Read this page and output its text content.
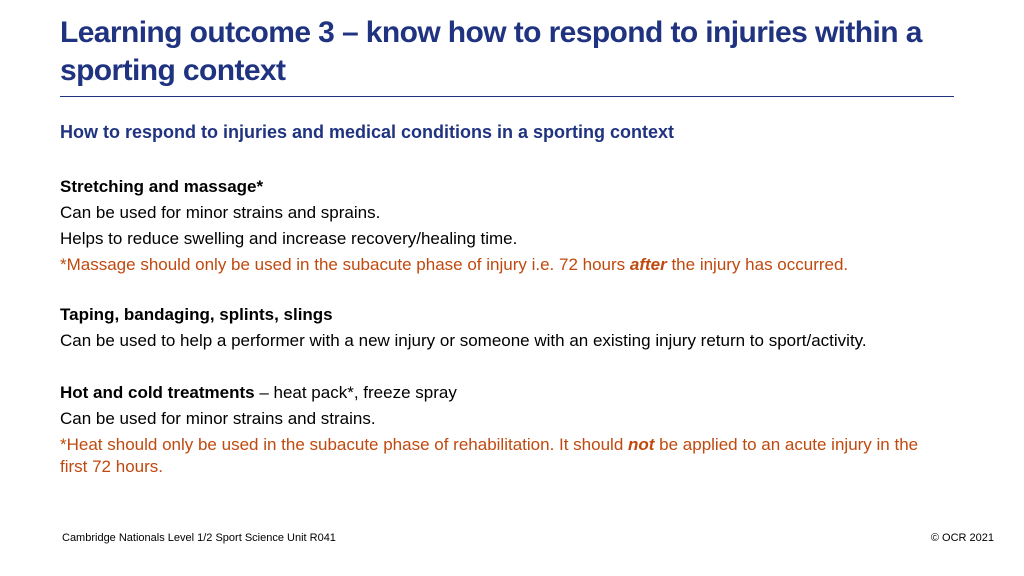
Learning outcome 3 – know how to respond to injuries within a sporting context
How to respond to injuries and medical conditions in a sporting context

Stretching and massage*

Can be used for minor strains and sprains.

Helps to reduce swelling and increase recovery/healing time.

*Massage should only be used in the subacute phase of injury i.e. 72 hours after the injury has occurred.

Taping, bandaging, splints, slings

Can be used to help a performer with a new injury or someone with an existing injury return to sport/activity.

Hot and cold treatments – heat pack*, freeze spray

Can be used for minor strains and strains.

*Heat should only be used in the subacute phase of rehabilitation. It should not be applied to an acute injury in the first 72 hours.

Cambridge Nationals Level 1/2 Sport Science Unit R041	© OCR 2021
